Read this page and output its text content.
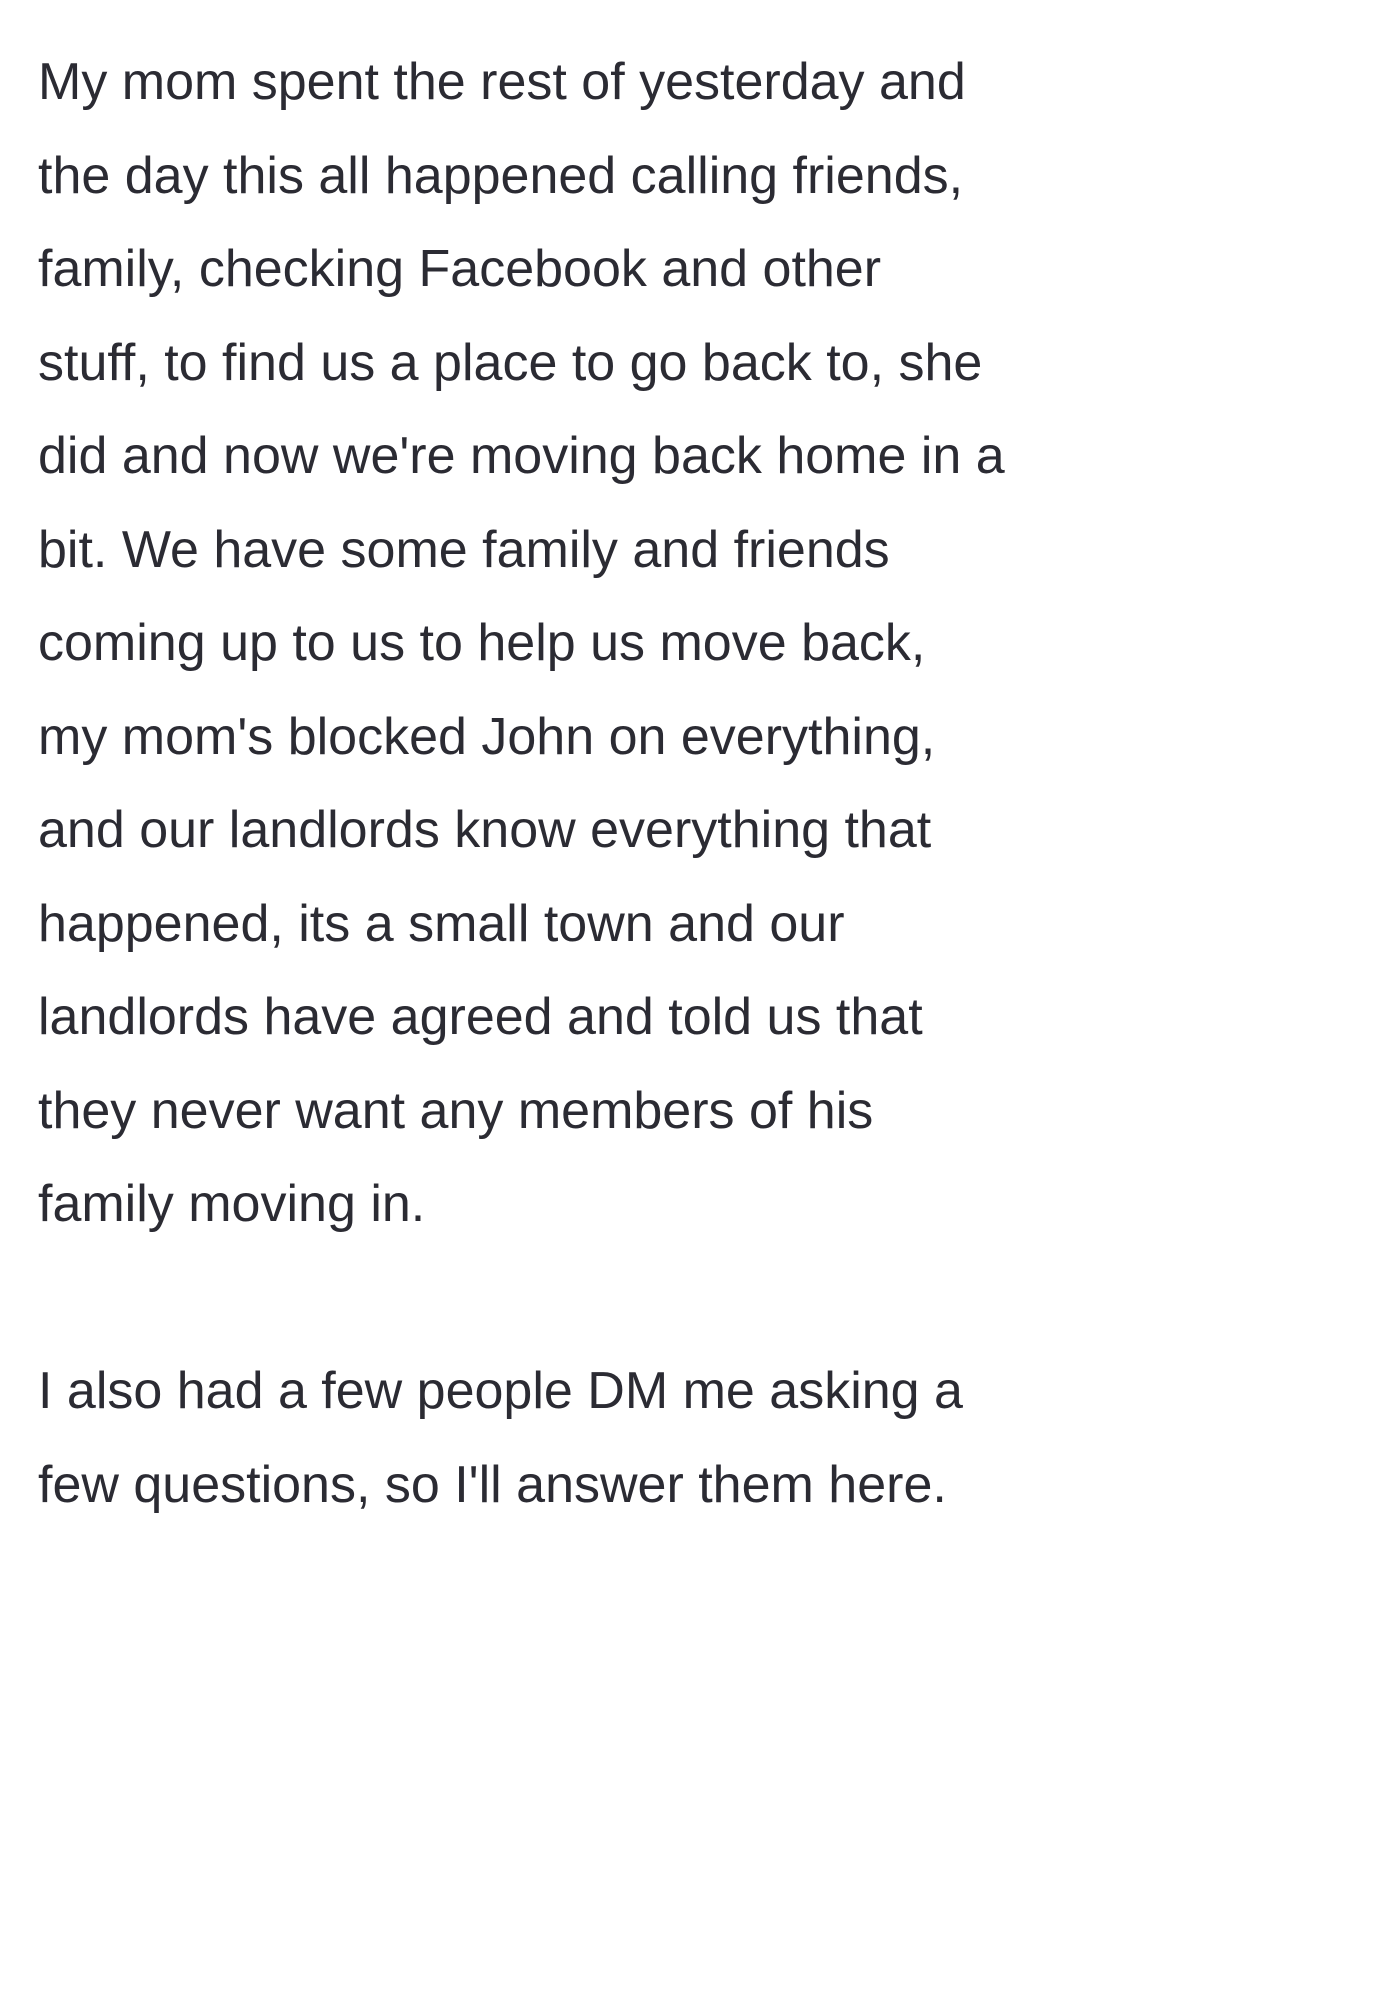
My mom spent the rest of yesterday and
the day this all happened calling friends,
family, checking Facebook and other
stuff, to find us a place to go back to, she
did and now we're moving back home in a
bit. We have some family and friends
coming up to us to help us move back,
my mom's blocked John on everything,
and our landlords know everything that
happened, its a small town and our
landlords have agreed and told us that
they never want any members of his
family moving in.

I also had a few people DM me asking a
few questions, so I'll answer them here.
